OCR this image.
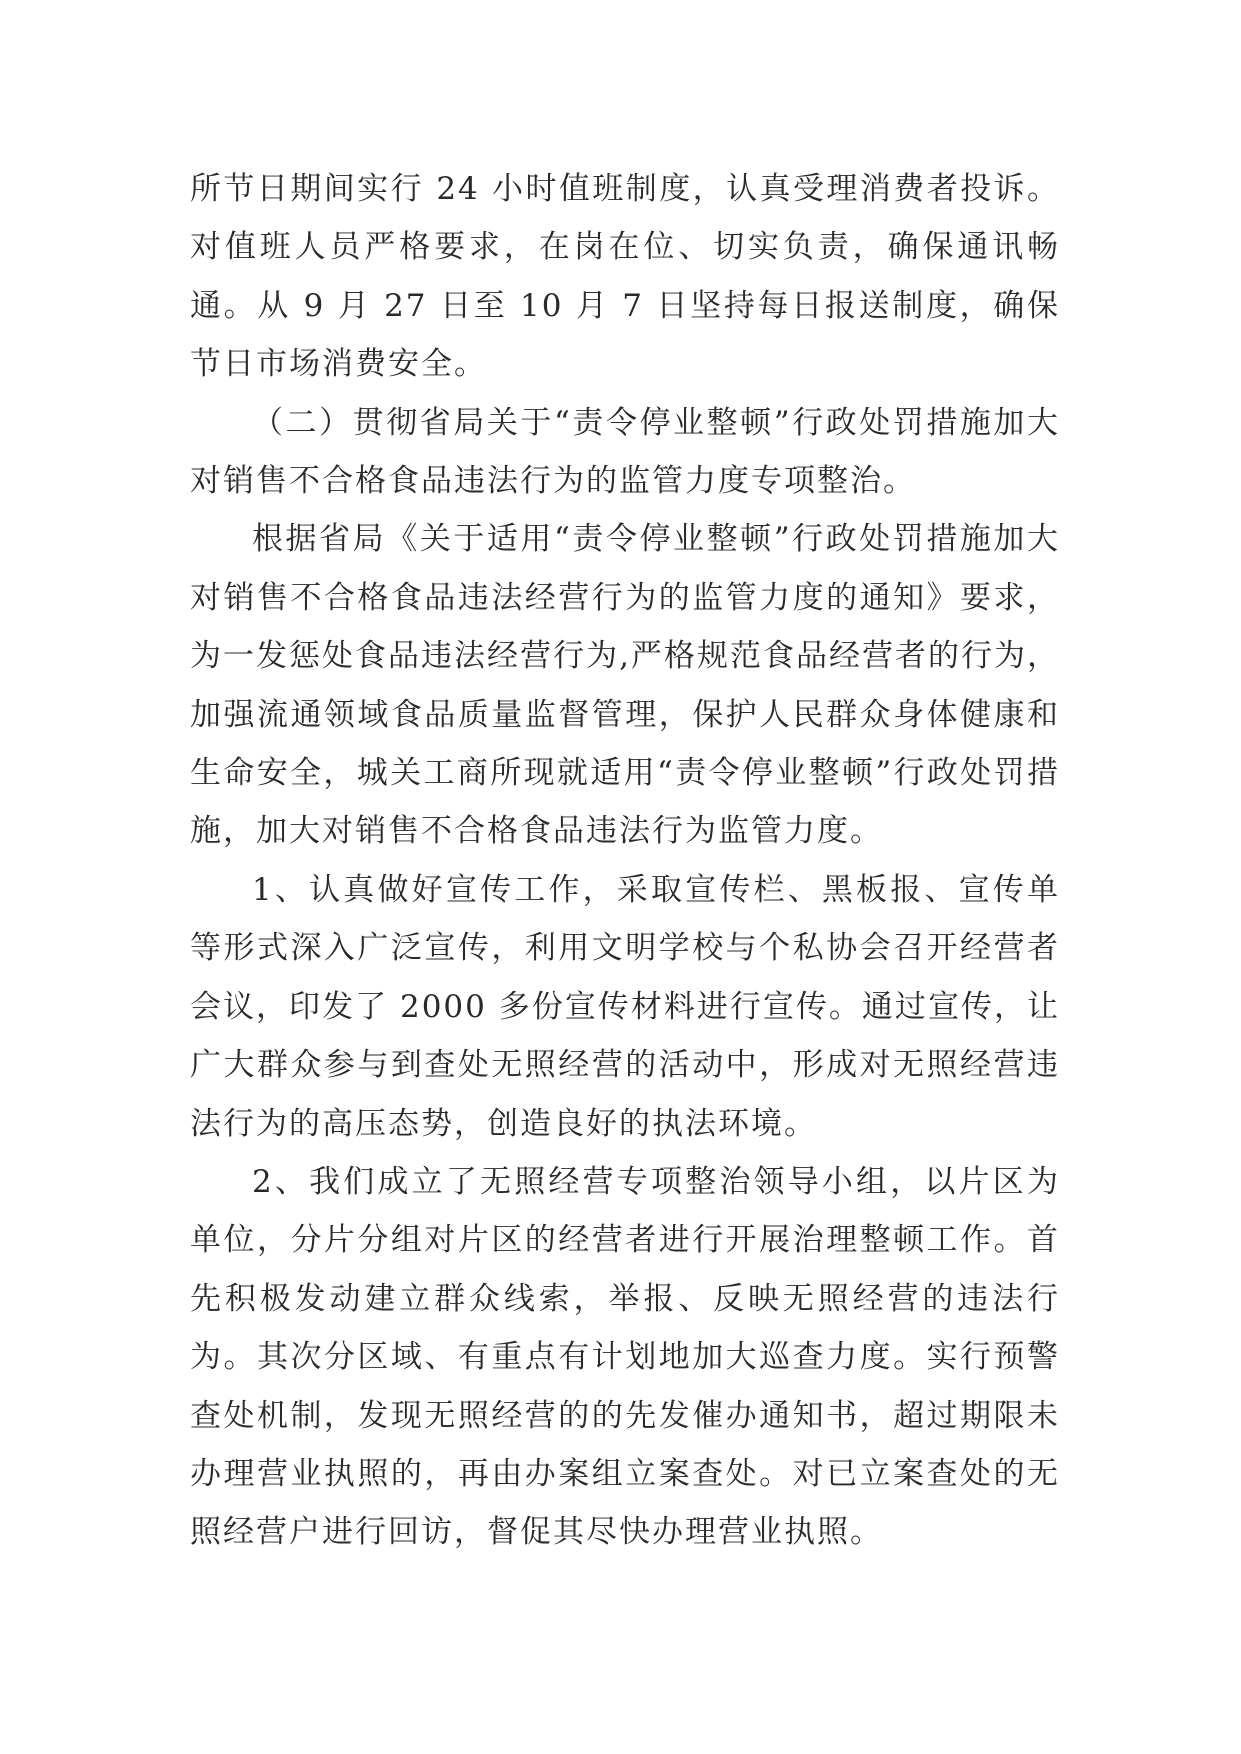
所节日期间实行 24 小时值班制度，认真受理消费者投诉。对值班人员严格要求，在岗在位、切实负责，确保通讯畅通。从 9 月 27 日至 10 月 7 日坚持每日报送制度，确保节日市场消费安全。

（二）贯彻省局关于“责令停业整顿”行政处罚措施加大对销售不合格食品违法行为的监管力度专项整治。

根据省局《关于适用“责令停业整顿”行政处罚措施加大对销售不合格食品违法经营行为的监管力度的通知》要求，为一发惩处食品违法经营行为,严格规范食品经营者的行为，加强流通领域食品质量监督管理，保护人民群众身体健康和生命安全，城关工商所现就适用“责令停业整顿”行政处罚措施，加大对销售不合格食品违法行为监管力度。

1、认真做好宣传工作，采取宣传栏、黑板报、宣传单等形式深入广泛宣传，利用文明学校与个私协会召开经营者会议，印发了 2000 多份宣传材料进行宣传。通过宣传，让广大群众参与到查处无照经营的活动中，形成对无照经营违法行为的高压态势，创造良好的执法环境。

2、我们成立了无照经营专项整治领导小组，以片区为单位，分片分组对片区的经营者进行开展治理整顿工作。首先积极发动建立群众线索，举报、反映无照经营的违法行为。其次分区域、有重点有计划地加大巡查力度。实行预警查处机制，发现无照经营的的先发催办通知书，超过期限未办理营业执照的，再由办案组立案查处。对已立案查处的无照经营户进行回访，督促其尽快办理营业执照。
